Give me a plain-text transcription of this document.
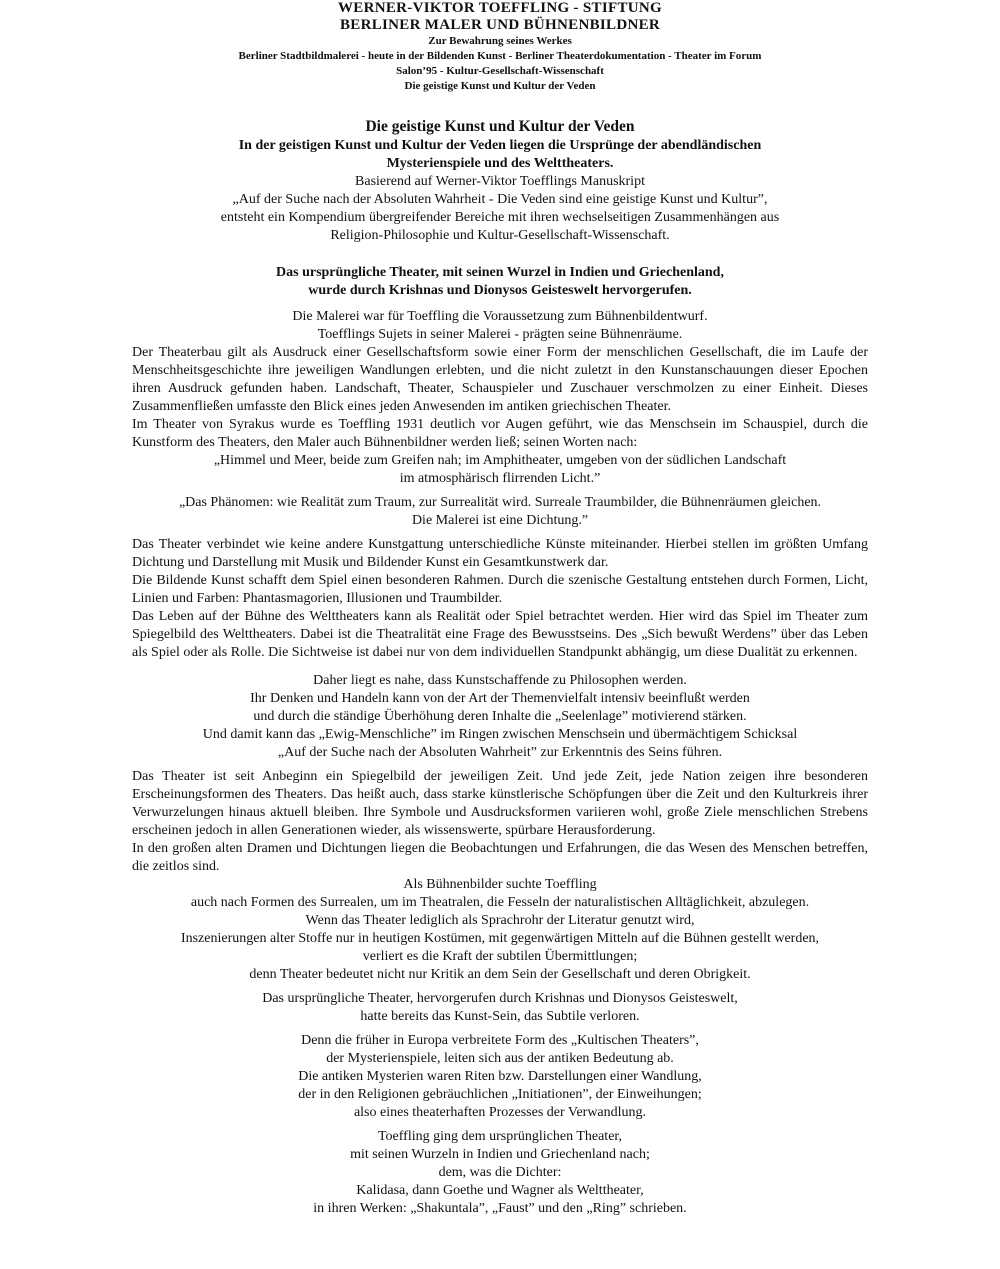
WERNER-VIKTOR TOEFFLING - STIFTUNG
BERLINER MALER UND BÜHNENBILDNER
Zur Bewahrung seines Werkes
Berliner Stadtbildmalerei - heute in der Bildenden Kunst - Berliner Theaterdokumentation - Theater im Forum
Salon’95 - Kultur-Gesellschaft-Wissenschaft
Die geistige Kunst und Kultur der Veden
Die geistige Kunst und Kultur der Veden
In der geistigen Kunst und Kultur der Veden liegen die Ursprünge der abendländischen
Mysterienspiele und des Welttheaters.
Basierend auf Werner-Viktor Toefflings Manuskript
„Auf der Suche nach der Absoluten Wahrheit - Die Veden sind eine geistige Kunst und Kultur”,
entsteht ein Kompendium übergreifender Bereiche mit ihren wechselseitigen Zusammenhängen aus
Religion-Philosophie und Kultur-Gesellschaft-Wissenschaft.
Das ursprüngliche Theater, mit seinen Wurzel in Indien und Griechenland,
wurde durch Krishnas und Dionysos Geisteswelt hervorgerufen.
Die Malerei war für Toeffling die Voraussetzung zum Bühnenbildentwurf.
Toefflings Sujets in seiner Malerei - prägten seine Bühnenräume.

Der Theaterbau gilt als Ausdruck einer Gesellschaftsform sowie einer Form der menschlichen Gesellschaft, die im Laufe der Menschheitsgeschichte ihre jeweiligen Wandlungen erlebten, und die nicht zuletzt in den Kunstanschauungen dieser Epochen ihren Ausdruck gefunden haben. Landschaft, Theater, Schauspieler und Zuschauer verschmolzen zu einer Einheit. Dieses Zusammenfließen umfasste den Blick eines jeden Anwesenden im antiken griechischen Theater.

Im Theater von Syrakus wurde es Toeffling 1931 deutlich vor Augen geführt, wie das Menschsein im Schauspiel, durch die Kunstform des Theaters, den Maler auch Bühnenbildner werden ließ; seinen Worten nach:

„Himmel und Meer, beide zum Greifen nah; im Amphitheater, umgeben von der südlichen Landschaft
im atmosphärisch flirrenden Licht.”
„Das Phänomen: wie Realität zum Traum, zur Surrealität wird. Surreale Traumbilder, die Bühnenräumen gleichen.
Die Malerei ist eine Dichtung.”

Das Theater verbindet wie keine andere Kunstgattung unterschiedliche Künste miteinander. Hierbei stellen im größten Umfang Dichtung und Darstellung mit Musik und Bildender Kunst ein Gesamtkunstwerk dar.

Die Bildende Kunst schafft dem Spiel einen besonderen Rahmen. Durch die szenische Gestaltung entstehen durch Formen, Licht, Linien und Farben: Phantasmagorien, Illusionen und Traumbilder.

Das Leben auf der Bühne des Welttheaters kann als Realität oder Spiel betrachtet werden. Hier wird das Spiel im Theater zum Spiegelbild des Welttheaters. Dabei ist die Theatralität eine Frage des Bewusstseins. Des „Sich bewußt Werdens” über das Leben als Spiel oder als Rolle. Die Sichtweise ist dabei nur von dem individuellen Standpunkt abhängig, um diese Dualität zu erkennen.

Daher liegt es nahe, dass Kunstschaffende zu Philosophen werden.
Ihr Denken und Handeln kann von der Art der Themenvielfalt intensiv beeinflußt werden
und durch die ständige Überhöhung deren Inhalte die „Seelenlage” motivierend stärken.
Und damit kann das „Ewig-Menschliche” im Ringen zwischen Menschsein und übermächtigem Schicksal
„Auf der Suche nach der Absoluten Wahrheit” zur Erkenntnis des Seins führen.

Das Theater ist seit Anbeginn ein Spiegelbild der jeweiligen Zeit. Und jede Zeit, jede Nation zeigen ihre besonderen Erscheinungsformen des Theaters. Das heißt auch, dass starke künstlerische Schöpfungen über die Zeit und den Kulturkreis ihrer Verwurzelungen hinaus aktuell bleiben. Ihre Symbole und Ausdrucksformen variieren wohl, große Ziele menschlichen Strebens erscheinen jedoch in allen Generationen wieder, als wissenswerte, spürbare Herausforderung.

In den großen alten Dramen und Dichtungen liegen die Beobachtungen und Erfahrungen, die das Wesen des Menschen betreffen, die zeitlos sind.

Als Bühnenbilder suchte Toeffling
auch nach Formen des Surrealen, um im Theatralen, die Fesseln der naturalistischen Alltäglichkeit, abzulegen.
Wenn das Theater lediglich als Sprachrohr der Literatur genutzt wird,
Inszenierungen alter Stoffe nur in heutigen Kostümen, mit gegenwärtigen Mitteln auf die Bühnen gestellt werden,
verliert es die Kraft der subtilen Übermittlungen;
denn Theater bedeutet nicht nur Kritik an dem Sein der Gesellschaft und deren Obrigkeit.
Das ursprüngliche Theater, hervorgerufen durch Krishnas und Dionysos Geisteswelt,
hatte bereits das Kunst-Sein, das Subtile verloren.
Denn die früher in Europa verbreitete Form des „Kultischen Theaters”,
der Mysterienspiele, leiten sich aus der antiken Bedeutung ab.
Die antiken Mysterien waren Riten bzw. Darstellungen einer Wandlung,
der in den Religionen gebräuchlichen „Initiationen”, der Einweihungen;
also eines theaterhaften Prozesses der Verwandlung.
Toeffling ging dem ursprünglichen Theater,
mit seinen Wurzeln in Indien und Griechenland nach;
dem, was die Dichter:
Kalidasa, dann Goethe und Wagner als Welttheater,
in ihren Werken: „Shakuntala”, „Faust” und den „Ring” schrieben.
